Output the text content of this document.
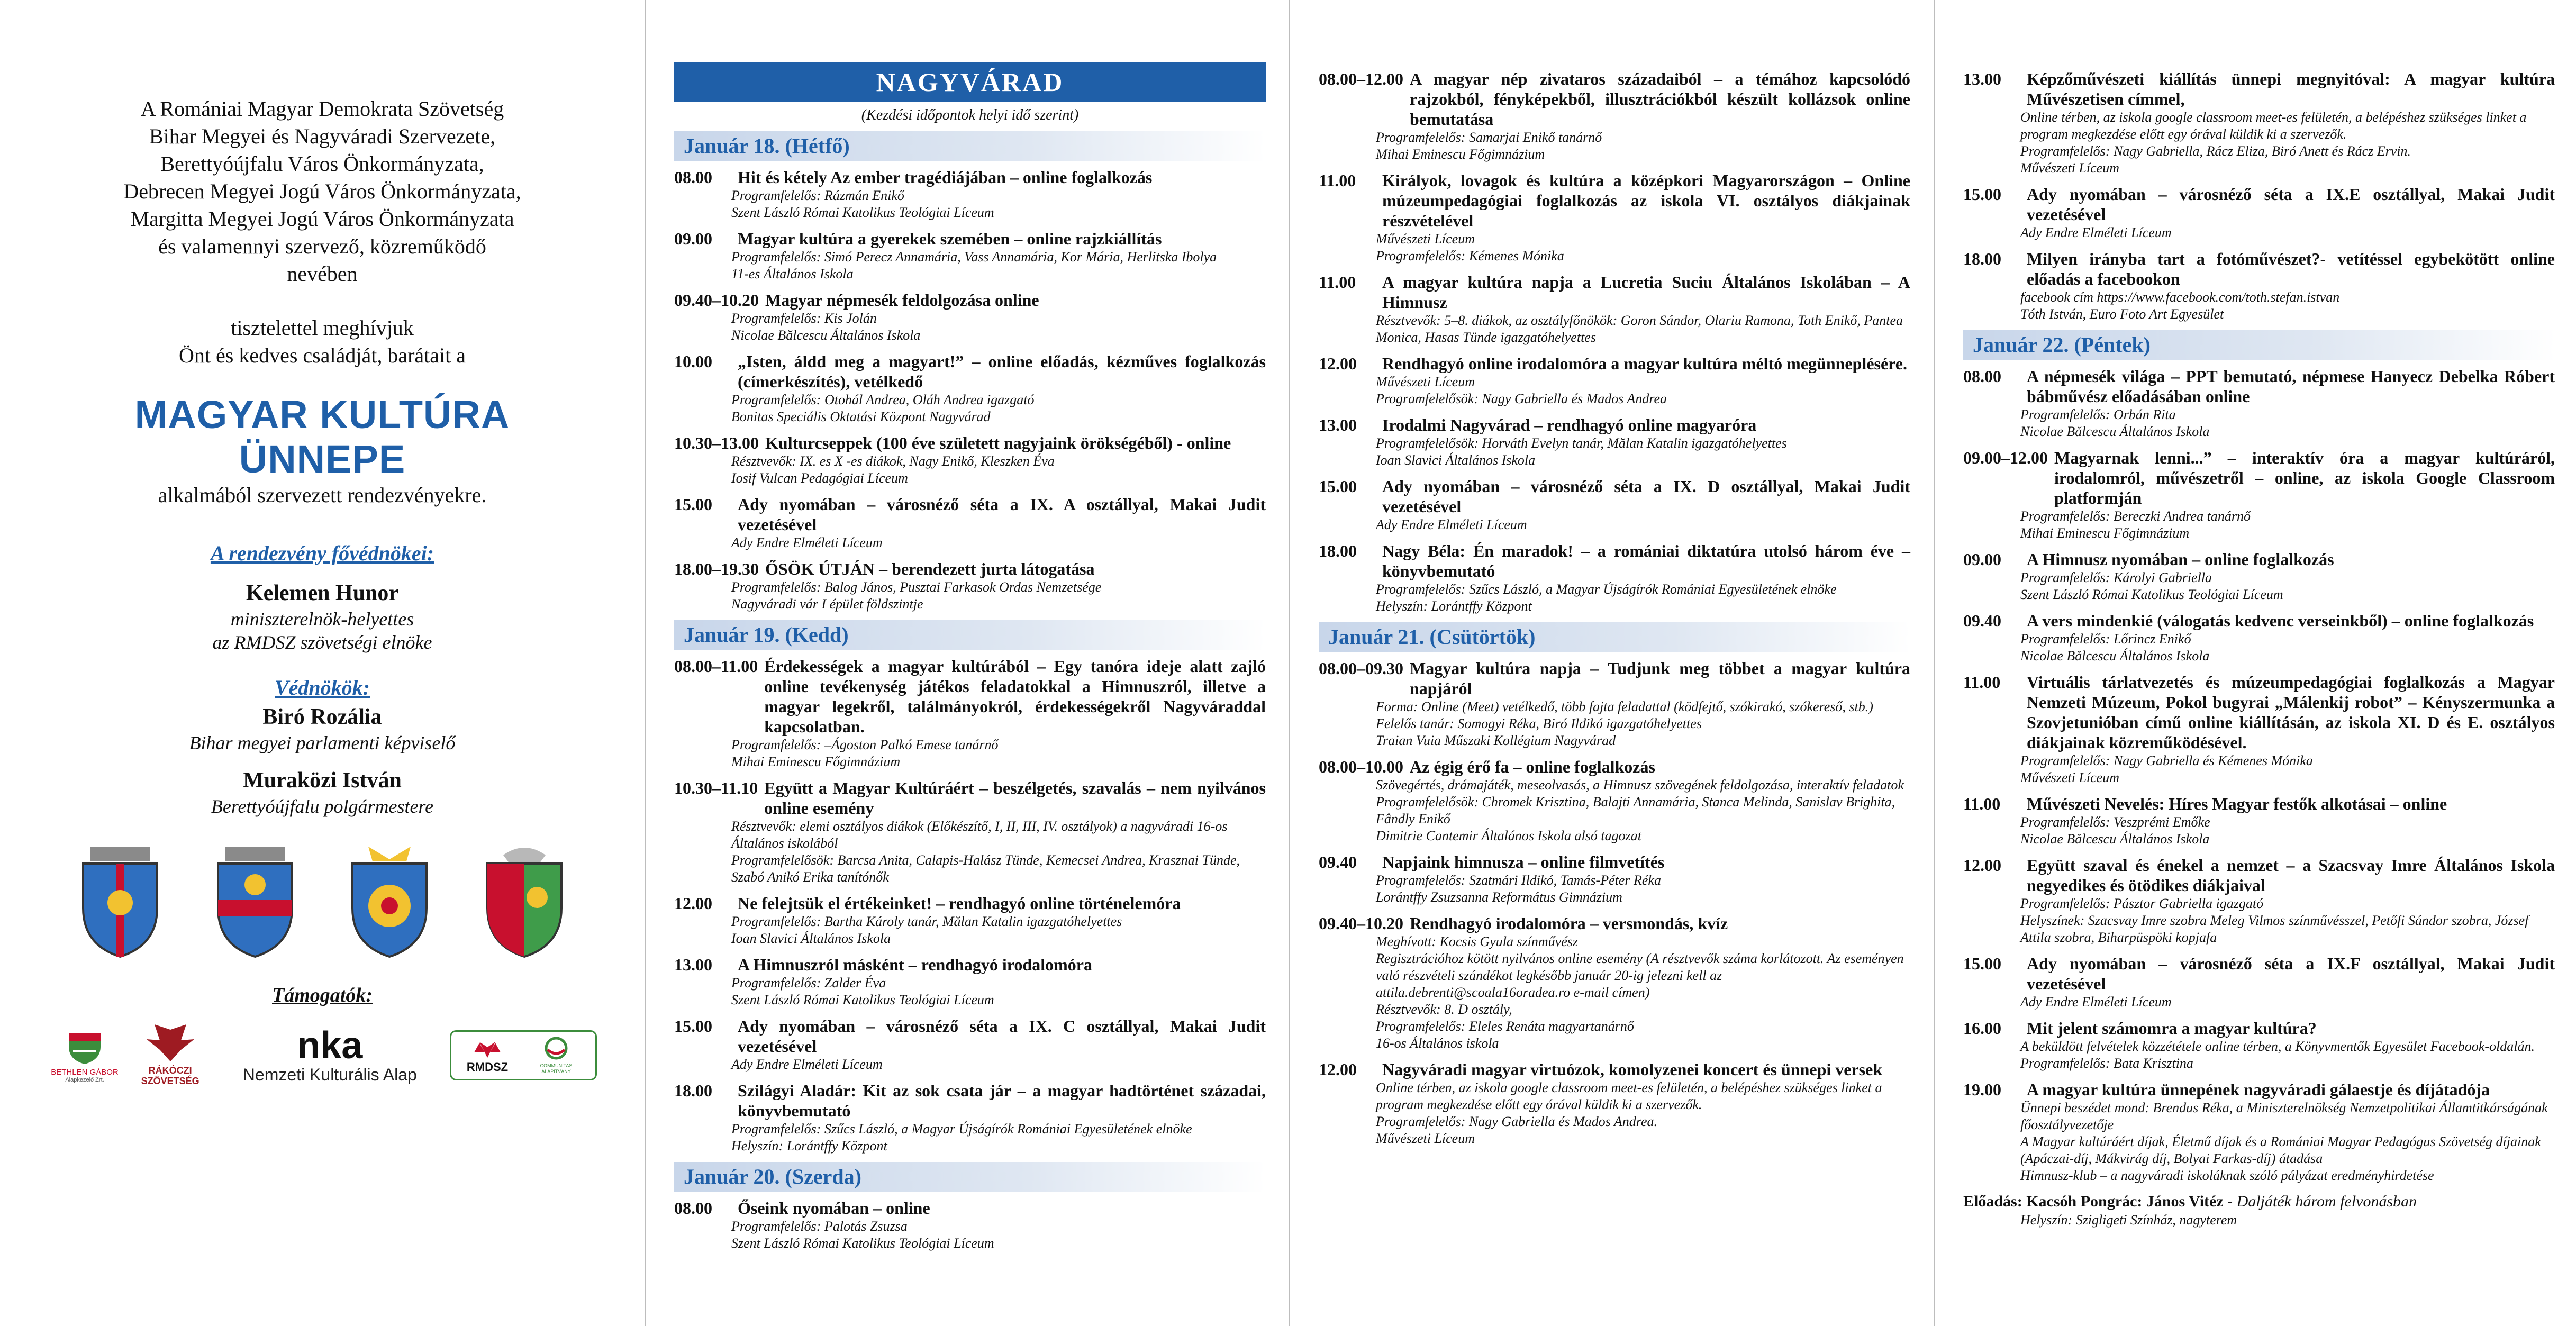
A Romániai Magyar Demokrata Szövetség

Bihar Megyei és Nagyváradi Szervezete,

Berettyóújfalu Város Önkormányzata,

Debrecen Megyei Jogú Város Önkormányzata,

Margitta Megyei Jogú Város Önkormányzata

és valamennyi szervező, közreműködő

nevében

tisztelettel meghívjuk

Önt és kedves családját, barátait a

MAGYAR KULTÚRA

ÜNNEPE

alkalmából szervezett rendezvényekre.

A rendezvény fővédnökei:

Kelemen Hunor

miniszterelnök-helyettes

az RMDSZ szövetségi elnöke

Védnökök:

Biró Rozália

Bihar megyei parlamenti képviselő

Muraközi István

Berettyóújfalu polgármestere

Támogatók:
BETHLEN GÁBOR
Alapkezelő Zrt.
RÁKÓCZI
SZÖVETSÉG
nka
Nemzeti Kulturális Alap	RMDSZ	COMMUNITAS ALAPÍTVÁNY
NAGYVÁRAD
(Kezdési időpontok helyi idő szerint)
Január 18. (Hétfő)
08.00	Hit és kétely Az ember tragédiájában – online foglalkozás
Programfelelős: Rázmán Enikő
Szent László Római Katolikus Teológiai Líceum
09.00	Magyar kultúra a gyerekek szemében – online rajzkiállítás
Programfelelős: Simó Perecz Annamária, Vass Annamária, Kor Mária, Herlitska Ibolya
11-es Általános Iskola
09.40–10.20 Magyar népmesék feldolgozása online
Programfelelős: Kis Jolán
Nicolae Bălcescu Általános Iskola
10.00	„Isten, áldd meg a magyart!” – online előadás, kézműves foglalkozás (címerkészítés), vetélkedő
Programfelelős: Otohál Andrea, Oláh Andrea igazgató
Bonitas Speciális Oktatási Központ Nagyvárad
10.30–13.00 Kulturcseppek (100 éve született nagyjaink örökségéből) - online
Résztvevők: IX. es X -es diákok, Nagy Enikő, Kleszken Éva
Iosif Vulcan Pedagógiai Líceum
15.00	Ady nyomában – városnéző séta a IX. A osztállyal, Makai Judit vezetésével
Ady Endre Elméleti Líceum
18.00–19.30 ŐSÖK ÚTJÁN – berendezett jurta látogatása
Programfelelős: Balog János, Pusztai Farkasok Ordas Nemzetsége
Nagyváradi vár I épület földszintje
Január 19. (Kedd)
08.00–11.00 Érdekességek a magyar kultúrából – Egy tanóra ideje alatt zajló online tevékenység játékos feladatokkal a Himnuszról, illetve a magyar legekről, találmányokról, érdekességekről Nagyváraddal kapcsolatban.
Programfelelős: –Ágoston Palkó Emese tanárnő
Mihai Eminescu Főgimnázium
10.30–11.10 Együtt a Magyar Kultúráért – beszélgetés, szavalás – nem nyilvános online esemény
Résztvevők: elemi osztályos diákok (Előkészítő, I, II, III, IV. osztályok) a nagyváradi 16-os Általános iskolából
Programfelelősök: Barcsa Anita, Calapis-Halász Tünde, Kemecsei Andrea, Krasznai Tünde, Szabó Anikó Erika tanítónők
12.00	Ne felejtsük el értékeinket! – rendhagyó online történelemóra
Programfelelős: Bartha Károly tanár, Mălan Katalin igazgatóhelyettes
Ioan Slavici Általános Iskola
13.00	A Himnuszról másként – rendhagyó irodalomóra
Programfelelős: Zalder Éva
Szent László Római Katolikus Teológiai Líceum
15.00	Ady nyomában – városnéző séta a IX. C osztállyal, Makai Judit vezetésével
Ady Endre Elméleti Líceum
18.00	Szilágyi Aladár: Kit az sok csata jár – a magyar hadtörténet századai, könyvbemutató
Programfelelős: Szűcs László, a Magyar Újságírók Romániai Egyesületének elnöke
Helyszín: Lorántffy Központ
Január 20. (Szerda)
08.00	Őseink nyomában – online
Programfelelős: Palotás Zsuzsa
Szent László Római Katolikus Teológiai Líceum
08.00–12.00 A magyar nép zivataros századaiból – a témához kapcsolódó rajzokból, fényképekből, illusztrációkból készült kollázsok online bemutatása
Programfelelős: Samarjai Enikő tanárnő
Mihai Eminescu Főgimnázium
11.00	Királyok, lovagok és kultúra a középkori Magyarországon – Online múzeumpedagógiai foglalkozás az iskola VI. osztályos diákjainak részvételével
Művészeti Líceum
Programfelelős: Kémenes Mónika
11.00	A magyar kultúra napja a Lucretia Suciu Általános Iskolában – A Himnusz
Résztvevők: 5–8. diákok, az osztályfőnökök: Goron Sándor, Olariu Ramona, Toth Enikő, Pantea Monica, Hasas Tünde igazgatóhelyettes
12.00	Rendhagyó online irodalomóra a magyar kultúra méltó megünneplésére.
Művészeti Líceum
Programfelelősök: Nagy Gabriella és Mados Andrea
13.00	Irodalmi Nagyvárad – rendhagyó online magyaróra
Programfelelősök: Horváth Evelyn tanár, Mălan Katalin igazgatóhelyettes
Ioan Slavici Általános Iskola
15.00	Ady nyomában – városnéző séta a IX. D osztállyal, Makai Judit vezetésével
Ady Endre Elméleti Líceum
18.00	Nagy Béla: Én maradok! – a romániai diktatúra utolsó három éve – könyvbemutató
Programfelelős: Szűcs László, a Magyar Újságírók Romániai Egyesületének elnöke
Helyszín: Lorántffy Központ
Január 21. (Csütörtök)
08.00–09.30 Magyar kultúra napja – Tudjunk meg többet a magyar kultúra napjáról
Forma: Online (Meet) vetélkedő, több fajta feladattal (ködfejtő, szókirakó, szókereső, stb.)
Felelős tanár: Somogyi Réka, Biró Ildikó igazgatóhelyettes
Traian Vuia Műszaki Kollégium Nagyvárad
08.00–10.00 Az égig érő fa – online foglalkozás
Szövegértés, drámajáték, meseolvasás, a Himnusz szövegének feldolgozása, interaktív feladatok
Programfelelősök: Chromek Krisztina, Balajti Annamária, Stanca Melinda, Sanislav Brighita, Fândly Enikő
Dimitrie Cantemir Általános Iskola alsó tagozat
09.40	Napjaink himnusza – online filmvetítés
Programfelelős: Szatmári Ildikó, Tamás-Péter Réka
Lorántffy Zsuzsanna Református Gimnázium
09.40–10.20 Rendhagyó irodalomóra – versmondás, kvíz
Meghívott: Kocsis Gyula színművész
Regisztrációhoz kötött nyilvános online esemény (A résztvevők száma korlátozott. Az eseményen való részvételi szándékot legkésőbb január 20-ig jelezni kell az attila.debrenti@scoala16oradea.ro e-mail címen)
Résztvevők: 8. D osztály,
Programfelelős: Eleles Renáta magyartanárnő
16-os Általános iskola
12.00	Nagyváradi magyar virtuózok, komolyzenei koncert és ünnepi versek
Online térben, az iskola google classroom meet-es felületén, a belépéshez szükséges linket a program megkezdése előtt egy órával küldik ki a szervezők.
Programfelelős: Nagy Gabriella és Mados Andrea.
Művészeti Líceum
13.00	Képzőművészeti kiállítás ünnepi megnyitóval: A magyar kultúra Művészetisen címmel,
Online térben, az iskola google classroom meet-es felületén, a belépéshez szükséges linket a program megkezdése előtt egy órával küldik ki a szervezők.
Programfelelős: Nagy Gabriella, Rácz Eliza, Biró Anett és Rácz Ervin.
Művészeti Líceum
15.00	Ady nyomában – városnéző séta a IX.E osztállyal, Makai Judit vezetésével
Ady Endre Elméleti Líceum
18.00	Milyen irányba tart a fotóművészet?- vetítéssel egybekötött online előadás a facebookon
facebook cím https://www.facebook.com/toth.stefan.istvan
Tóth István, Euro Foto Art Egyesület
Január 22. (Péntek)
08.00	A népmesék világa – PPT bemutató, népmese Hanyecz Debelka Róbert bábművész előadásában online
Programfelelős: Orbán Rita
Nicolae Bălcescu Általános Iskola
09.00–12.00 Magyarnak lenni...” – interaktív óra a magyar kultúráról, irodalomról, művészetről – online, az iskola Google Classroom platformján
Programfelelős: Bereczki Andrea tanárnő
Mihai Eminescu Főgimnázium
09.00	A Himnusz nyomában – online foglalkozás
Programfelelős: Károlyi Gabriella
Szent László Római Katolikus Teológiai Líceum
09.40	A vers mindenkié (válogatás kedvenc verseinkből) – online foglalkozás
Programfelelős: Lőrincz Enikő
Nicolae Bălcescu Általános Iskola
11.00	Virtuális tárlatvezetés és múzeumpedagógiai foglalkozás a Magyar Nemzeti Múzeum, Pokol bugyrai „Málenkij robot” – Kényszermunka a Szovjetunióban című online kiállításán, az iskola XI. D és E. osztályos diákjainak közreműködésével.
Programfelelős: Nagy Gabriella és Kémenes Mónika
Művészeti Líceum
11.00	Művészeti Nevelés: Híres Magyar festők alkotásai – online
Programfelelős: Veszprémi Emőke
Nicolae Bălcescu Általános Iskola
12.00	Együtt szaval és énekel a nemzet – a Szacsvay Imre Általános Iskola negyedikes és ötödikes diákjaival
Programfelelős: Pásztor Gabriella igazgató
Helyszínek: Szacsvay Imre szobra Meleg Vilmos színművésszel, Petőfi Sándor szobra, József Attila szobra, Biharpüspöki kopjafa
15.00	Ady nyomában – városnéző séta a IX.F osztállyal, Makai Judit vezetésével
Ady Endre Elméleti Líceum
16.00	Mit jelent számomra a magyar kultúra?
A beküldött felvételek közzététele online térben, a Könyvmentők Egyesület Facebook-oldalán.
Programfelelős: Bata Krisztina
19.00	A magyar kultúra ünnepének nagyváradi gálaestje és díjátadója
Ünnepi beszédet mond: Brendus Réka, a Miniszterelnökség Nemzetpolitikai Államtitkárságának főosztályvezetője
A Magyar kultúráért díjak, Életmű díjak és a Romániai Magyar Pedagógus Szövetség díjainak (Apáczai-díj, Mákvirág díj, Bolyai Farkas-díj) átadása
Himnusz-klub – a nagyváradi iskoláknak szóló pályázat eredményhirdetése
Előadás: Kacsóh Pongrác: János Vitéz - Daljáték három felvonásban
Helyszín: Szigligeti Színház, nagyterem
